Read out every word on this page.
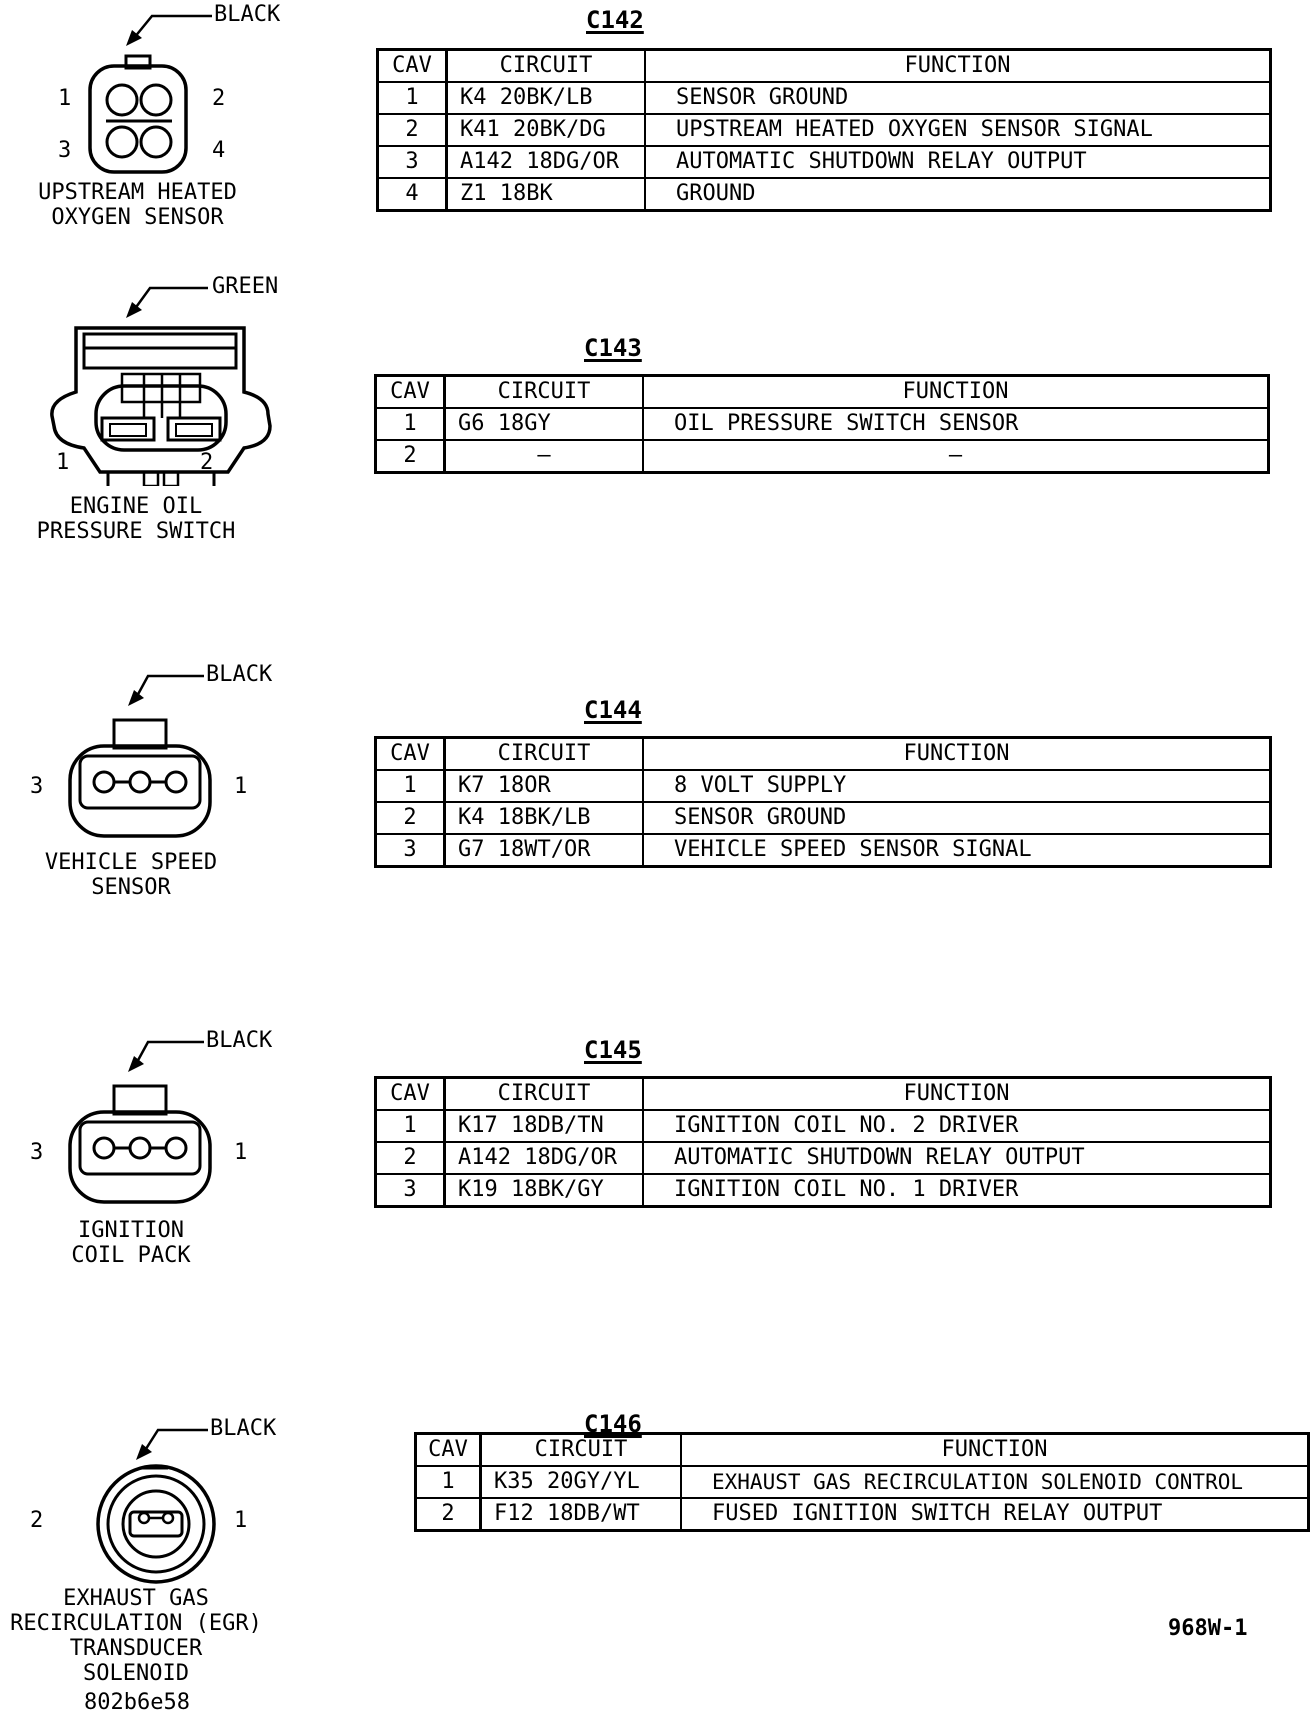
BLACK
1	2
3	4
UPSTREAM HEATED
OXYGEN SENSOR
C142
CAV	CIRCUIT	FUNCTION
1	K4 20BK/LB	SENSOR GROUND
2	K41 20BK/DG	UPSTREAM HEATED OXYGEN SENSOR SIGNAL
3	A142 18DG/OR	AUTOMATIC SHUTDOWN RELAY OUTPUT
4	Z1 18BK	GROUND
GREEN
1	2
ENGINE OIL
PRESSURE SWITCH
C143
CAV	CIRCUIT	FUNCTION
1	G6 18GY	OIL PRESSURE SWITCH SENSOR
2	–	–
BLACK
3	1
VEHICLE SPEED
SENSOR
C144
CAV	CIRCUIT	FUNCTION
1	K7 18OR	8 VOLT SUPPLY
2	K4 18BK/LB	SENSOR GROUND
3	G7 18WT/OR	VEHICLE SPEED SENSOR SIGNAL
BLACK
3	1
IGNITION
COIL PACK
C145
CAV	CIRCUIT	FUNCTION
1	K17 18DB/TN	IGNITION COIL NO. 2 DRIVER
2	A142 18DG/OR	AUTOMATIC SHUTDOWN RELAY OUTPUT
3	K19 18BK/GY	IGNITION COIL NO. 1 DRIVER
BLACK
2	1
EXHAUST GAS
RECIRCULATION (EGR)
TRANSDUCER
SOLENOID
C146
CAV	CIRCUIT	FUNCTION
1	K35 20GY/YL	EXHAUST GAS RECIRCULATION SOLENOID CONTROL
2	F12 18DB/WT	FUSED IGNITION SWITCH RELAY OUTPUT
968W-1
802b6e58
